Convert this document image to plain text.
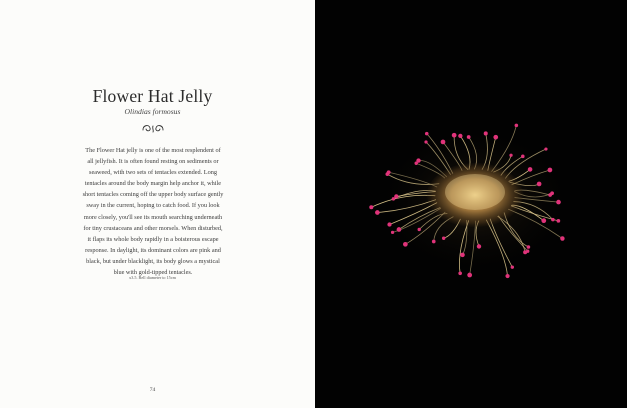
Flower Hat Jelly
Olindias formosus
The Flower Hat jelly is one of the most resplendent of
all jellyfish. It is often found resting on sediments or
seaweed, with two sets of tentacles extended. Long
tentacles around the body margin help anchor it, while
short tentacles coming off the upper body surface gently
sway in the current, hoping to catch food. If you look
more closely, you'll see its mouth searching underneath
for tiny crustaceans and other morsels. When disturbed,
it flaps its whole body rapidly in a boisterous escape
response. In daylight, its dominant colors are pink and
black, but under blacklight, its body glows a mystical
blue with gold-tipped tentacles.
x3.5. Bell diameter to 15cm
74
